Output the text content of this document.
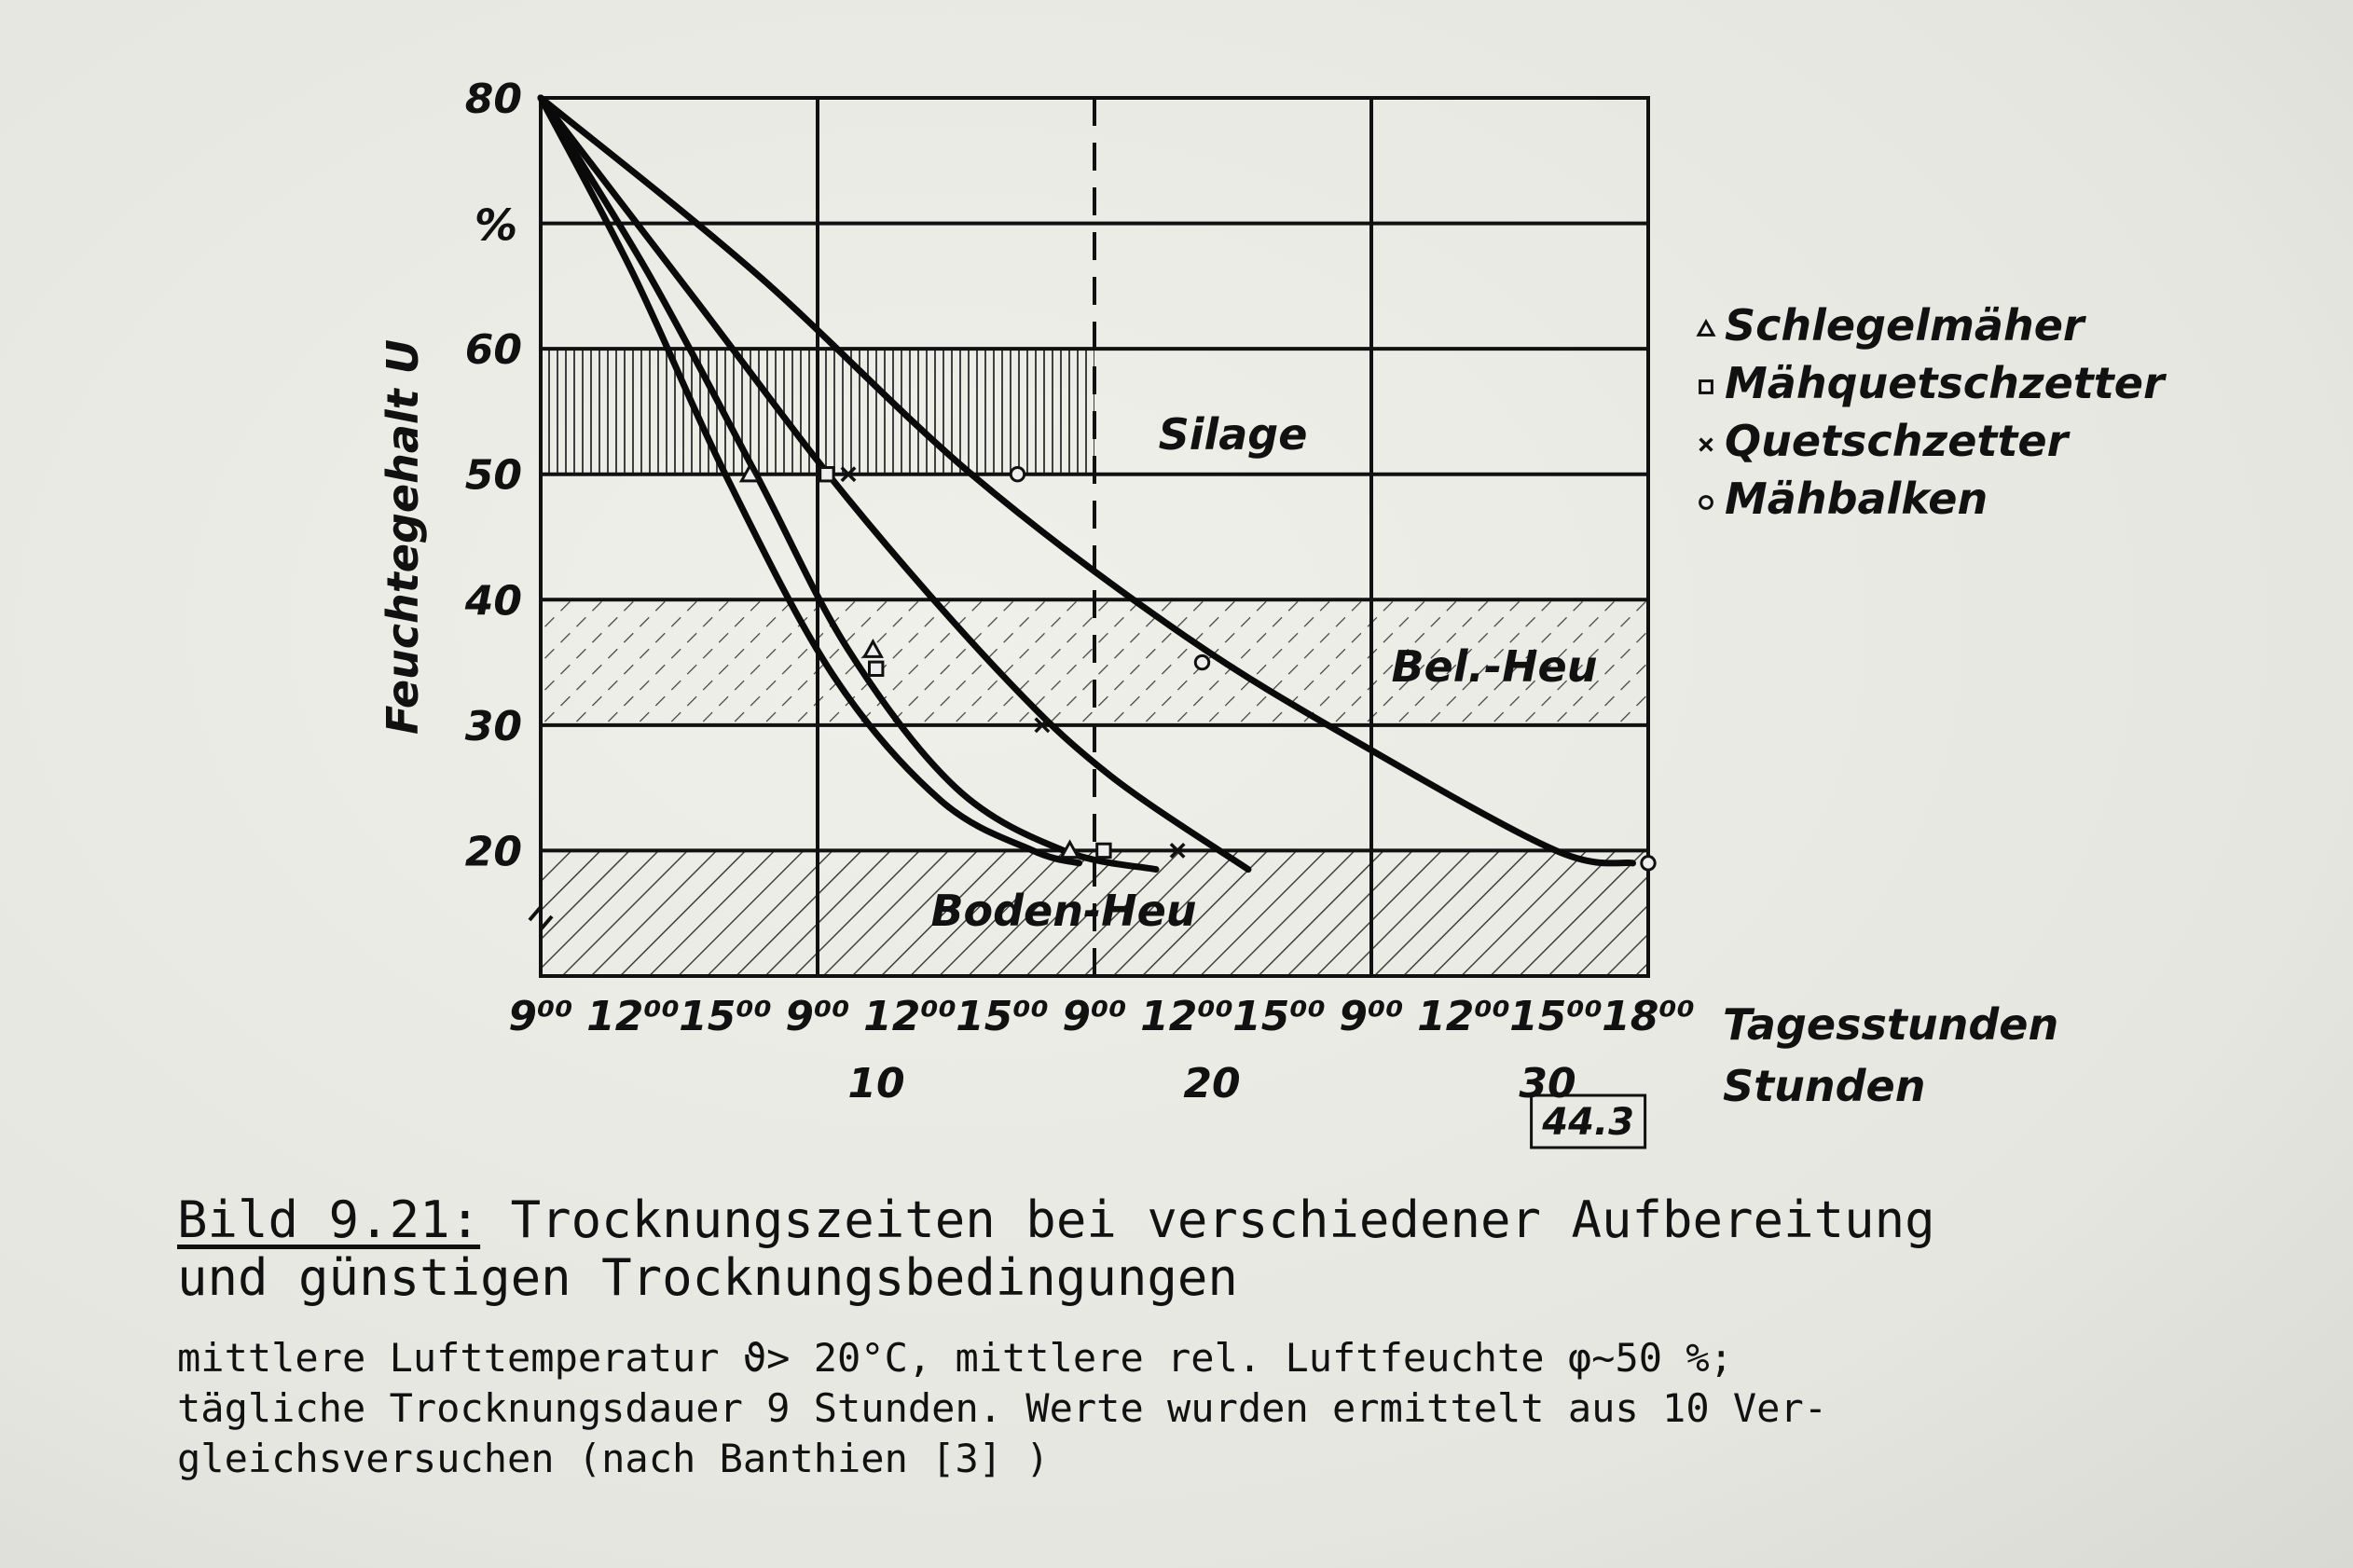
20
30
40
50
60
80
%
Feuchtegehalt U
9⁰⁰ 12⁰⁰ 15⁰⁰ 9⁰⁰ 12⁰⁰ 15⁰⁰ 9⁰⁰ 12⁰⁰ 15⁰⁰ 9⁰⁰ 12⁰⁰ 15⁰⁰ 18⁰⁰ Tagesstunden
10	20	30	Stunden
Silage
Bel.-Heu
Boden-Heu
44.3
Schlegelmäher
Mähquetschzetter
Quetschzetter
Mähbalken
Bild 9.21: Trocknungszeiten bei verschiedener Aufbereitung
und günstigen Trocknungsbedingungen
mittlere Lufttemperatur ϑ> 20°C, mittlere rel. Luftfeuchte φ~50 %;
tägliche Trocknungsdauer 9 Stunden. Werte wurden ermittelt aus 10 Ver-
gleichsversuchen (nach Banthien [3] )
